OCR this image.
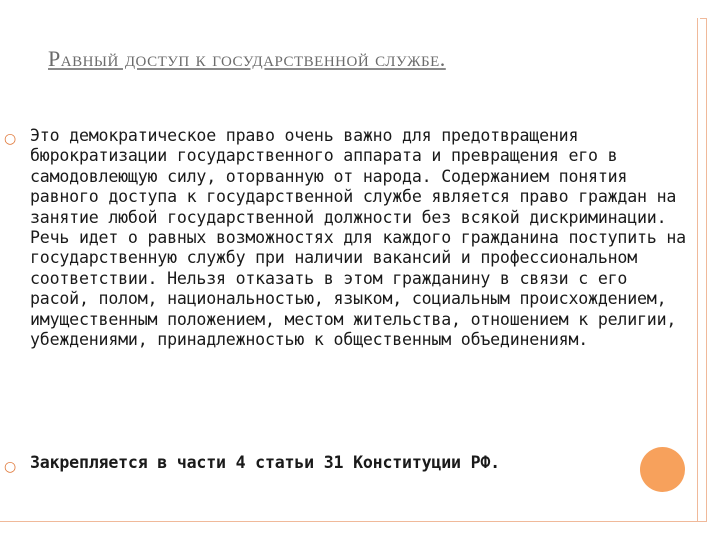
Равный доступ к государственной службе.
○ Это демократическое право очень важно для предотвращения бюрократизации государственного аппарата и превращения его в самодовлеющую силу, оторванную от народа. Содержанием понятия равного доступа к государственной службе является право граждан на занятие любой государственной должности без всякой дискриминации. Речь идет о равных возможностях для каждого гражданина поступить на государственную службу при наличии вакансий и профессиональном соответствии. Нельзя отказать в этом гражданину в связи с его расой, полом, национальностью, языком, социальным происхождением, имущественным положением, местом жительства, отношением к религии, убеждениями, принадлежностью к общественным объединениям.
○ Закрепляется в части 4 статьи 31 Конституции РФ.
